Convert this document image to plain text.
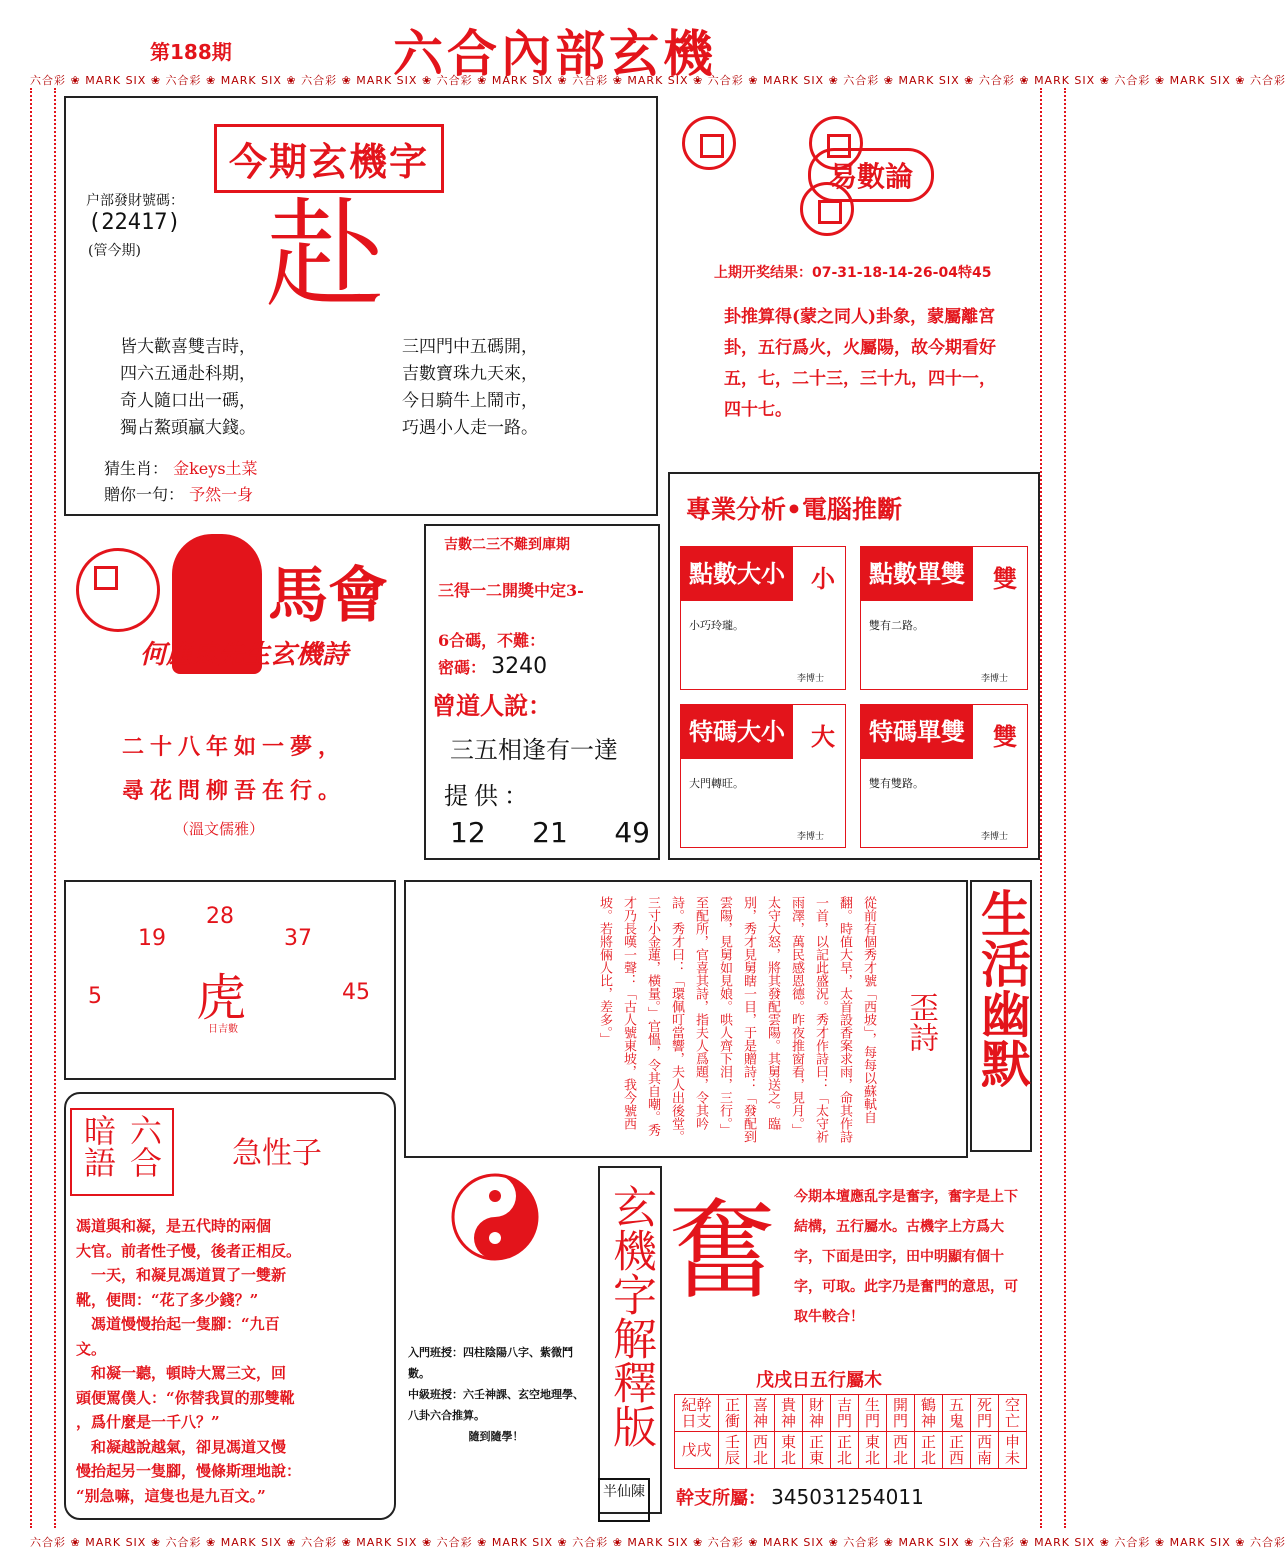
第188期	六合內部玄機
六合彩 ❀ MARK SIX ❀ 六合彩 ❀ MARK SIX ❀ 六合彩 ❀ MARK SIX ❀ 六合彩 ❀ MARK SIX ❀ 六合彩 ❀ MARK SIX ❀ 六合彩 ❀ MARK SIX ❀ 六合彩 ❀ MARK SIX ❀ 六合彩 ❀ MARK SIX ❀ 六合彩 ❀ MARK SIX ❀ 六合彩
六合彩 ❀ MARK SIX ❀ 六合彩 ❀ MARK SIX ❀ 六合彩 ❀ MARK SIX ❀ 六合彩 ❀ MARK SIX ❀ 六合彩 ❀ MARK SIX ❀ 六合彩 ❀ MARK SIX ❀ 六合彩 ❀ MARK SIX ❀ 六合彩 ❀ MARK SIX ❀ 六合彩 ❀ MARK SIX ❀ 六合彩
今期玄機字
户部發財號碼：
(22417)
(管今期) 赴
皆大歡喜雙吉時，
四六五通赴科期，
奇人隨口出一碼，
獨占鰲頭贏大錢。
三四門中五碼開，
吉數寶珠九天來，
今日騎牛上鬧市，
巧遇小人走一路。
猜生肖： 金keys土菜
贈你一句： 予然一身

易數論
上期开奖结果：07-31-18-14-26-04特45
卦推算得(蒙之同人)卦象，蒙屬離宮卦，五行爲火，火屬陽，故今期看好五，七，二十三，三十九，四十一，四十七。
馬會
何應忠先生玄機詩
二十八年如一夢，
尋花問柳吾在行。
（溫文儒雅）
吉數二三不難到庫期
三得一二開獎中定3-
6合碼，不難：
密碼： 3240
曾道人說：
三五相逢有一達
提供：
12 21 49
專業分析•電腦推斷
點數大小	小
小巧玲瓏。
李博士
點數單雙	雙
雙有二路。
李博士
特碼大小	大
大門轉旺。
李博士
特碼單雙	雙
雙有雙路。
李博士
28
19	37
5	45
虎
日吉數	從前有個秀才號「西坡」，每每以蘇軾自翻。時值大旱，太首設香案求雨，命其作詩一首，以記此盛況。秀才作詩曰：「太守祈雨澤，萬民感恩德。昨夜推窗看，見月。」太守大怒，將其發配雲陽。其舅送之。臨別，秀才見舅瞎一目，于是贈詩：「發配到雲陽，見舅如見娘。哄人齊下泪，三行。」至配所，官喜其詩，指夫人爲題，令其吟詩。秀才曰：「環佩叮當響，夫人出後堂。三寸小金蓮，橫量。」官慍，令其自嘲。秀才乃長嘆一聲：「古人號東坡，我今號西坡。若將倆人比，差多。」	歪詩 生活幽默
暗語 六合 急性子
馮道與和凝，是五代時的兩個
大官。前者性子慢，後者正相反。
　一天，和凝見馮道買了一雙新
靴，便問：“花了多少錢？”
　馮道慢慢抬起一隻腳：“九百
文。
　和凝一聽，頓時大罵三文，回
頭便罵僕人：“你替我買的那雙靴
，爲什麼是一千八？”
　和凝越說越氣，卻見馮道又慢
慢抬起另一隻腳，慢條斯理地說：
“别急嘛，這隻也是九百文。”
入門班授：四柱陰陽八字、紫微鬥數。
中級班授：六壬神課、玄空地理學、八卦六合推算。
隨到隨學！	玄機字解釋版
半仙陳
奮 今期本壇應乱字是奮字，奮字是上下結構，五行屬水。古機字上方爲大字，下面是田字，田中明顯有個十字，可取。此字乃是奮門的意思，可取牛較合！
戊戌日五行屬木
紀幹日支	正衝	喜神	貴神	財神	吉門	生門	開門	鶴神	五鬼	死門	空亡
戊戌	壬辰	西北	東北	正東	正北	東北	西北	正北	正西	西南	申未
幹支所屬： 345031254011
